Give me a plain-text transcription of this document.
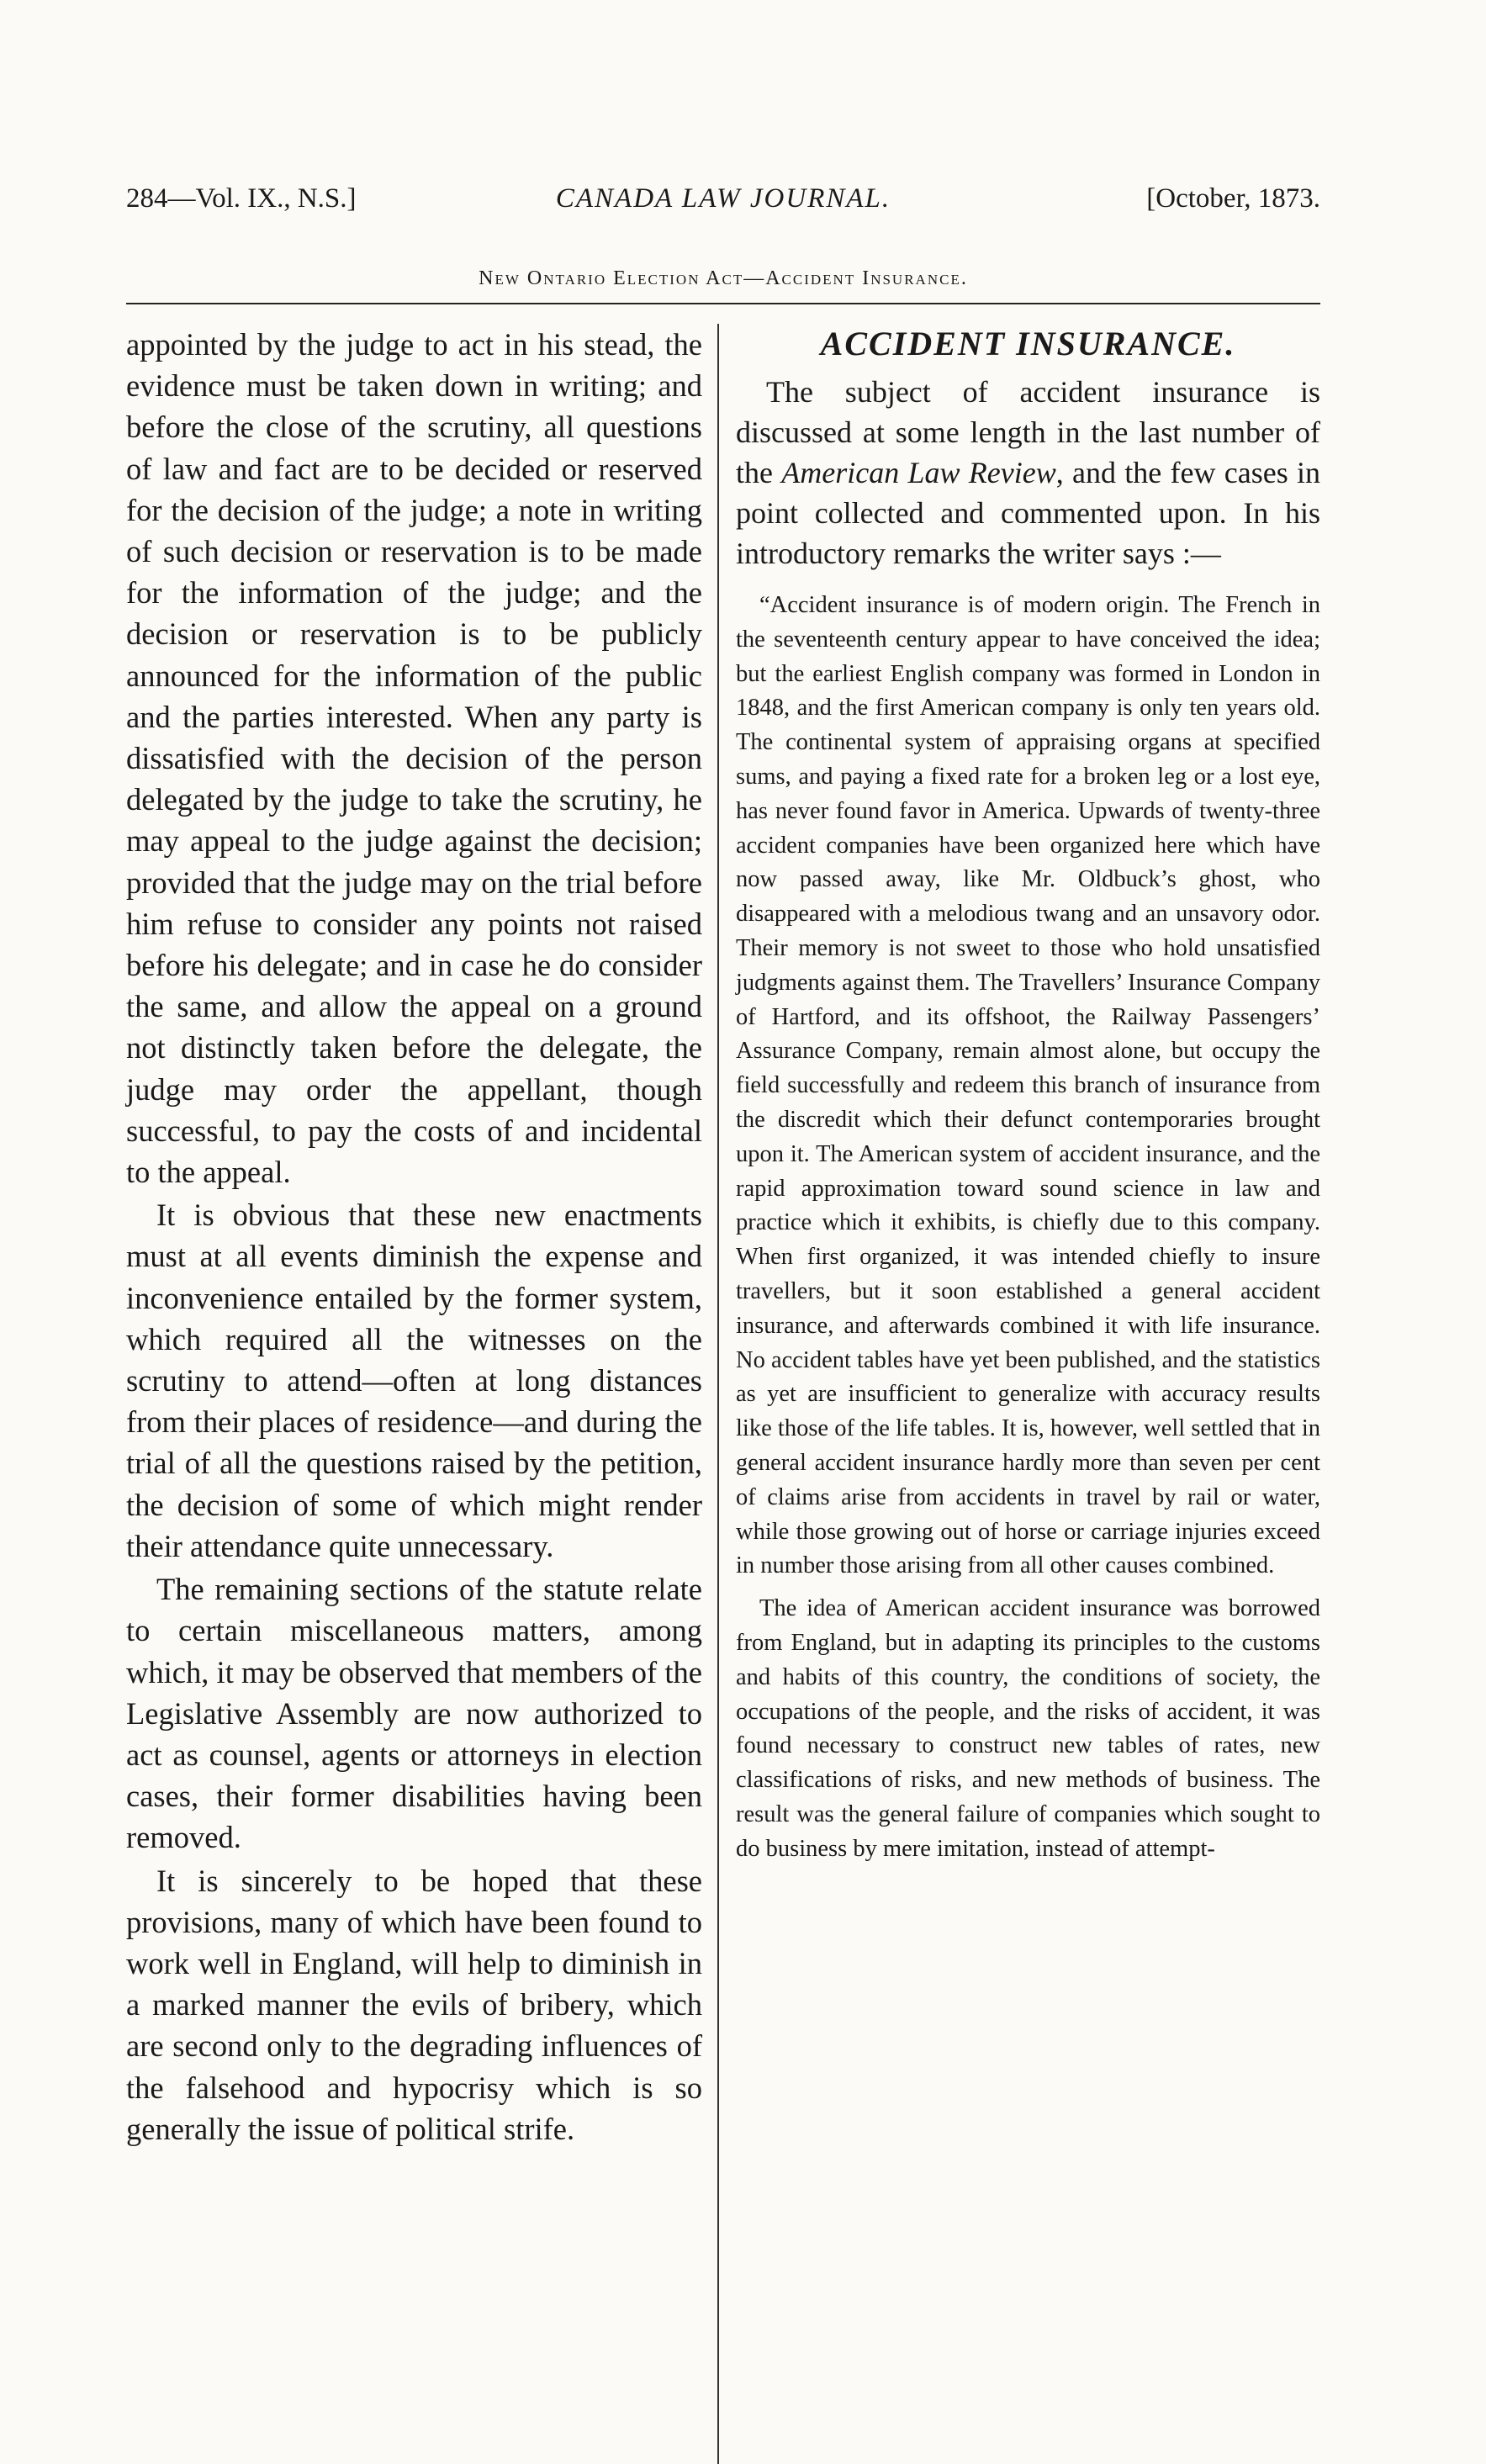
284—Vol. IX., N.S.]	CANADA LAW JOURNAL.	[October, 1873.
New Ontario Election Act—Accident Insurance.

appointed by the judge to act in his stead, the evidence must be taken down in writing; and before the close of the scrutiny, all questions of law and fact are to be decided or reserved for the decision of the judge; a note in writing of such decision or reservation is to be made for the information of the judge; and the decision or reservation is to be publicly announced for the information of the public and the parties interested. When any party is dissatisfied with the decision of the person delegated by the judge to take the scrutiny, he may appeal to the judge against the decision; provided that the judge may on the trial before him refuse to consider any points not raised before his delegate; and in case he do consider the same, and allow the appeal on a ground not distinctly taken before the delegate, the judge may order the appellant, though successful, to pay the costs of and incidental to the appeal.

It is obvious that these new enactments must at all events diminish the expense and inconvenience entailed by the former system, which required all the witnesses on the scrutiny to attend—often at long distances from their places of residence—and during the trial of all the questions raised by the petition, the decision of some of which might render their attendance quite unnecessary.

The remaining sections of the statute relate to certain miscellaneous matters, among which, it may be observed that members of the Legislative Assembly are now authorized to act as counsel, agents or attorneys in election cases, their former disabilities having been removed.

It is sincerely to be hoped that these provisions, many of which have been found to work well in England, will help to diminish in a marked manner the evils of bribery, which are second only to the degrading influences of the falsehood and hypocrisy which is so generally the issue of political strife.

ACCIDENT INSURANCE.

The subject of accident insurance is discussed at some length in the last number of the American Law Review, and the few cases in point collected and commented upon. In his introductory remarks the writer says :—

“Accident insurance is of modern origin. The French in the seventeenth century appear to have conceived the idea; but the earliest English company was formed in London in 1848, and the first American company is only ten years old. The continental system of appraising organs at specified sums, and paying a fixed rate for a broken leg or a lost eye, has never found favor in America. Upwards of twenty-three accident companies have been organized here which have now passed away, like Mr. Oldbuck’s ghost, who disappeared with a melodious twang and an unsavory odor. Their memory is not sweet to those who hold unsatisfied judgments against them. The Travellers’ Insurance Company of Hartford, and its offshoot, the Railway Passengers’ Assurance Company, remain almost alone, but occupy the field successfully and redeem this branch of insurance from the discredit which their defunct contemporaries brought upon it. The American system of accident insurance, and the rapid approximation toward sound science in law and practice which it exhibits, is chiefly due to this company. When first organized, it was intended chiefly to insure travellers, but it soon established a general accident insurance, and afterwards combined it with life insurance. No accident tables have yet been published, and the statistics as yet are insufficient to generalize with accuracy results like those of the life tables. It is, however, well settled that in general accident insurance hardly more than seven per cent of claims arise from accidents in travel by rail or water, while those growing out of horse or carriage injuries exceed in number those arising from all other causes combined.

The idea of American accident insurance was borrowed from England, but in adapting its principles to the customs and habits of this country, the conditions of society, the occupations of the people, and the risks of accident, it was found necessary to construct new tables of rates, new classifications of risks, and new methods of business. The result was the general failure of companies which sought to do business by mere imitation, instead of attempt-
